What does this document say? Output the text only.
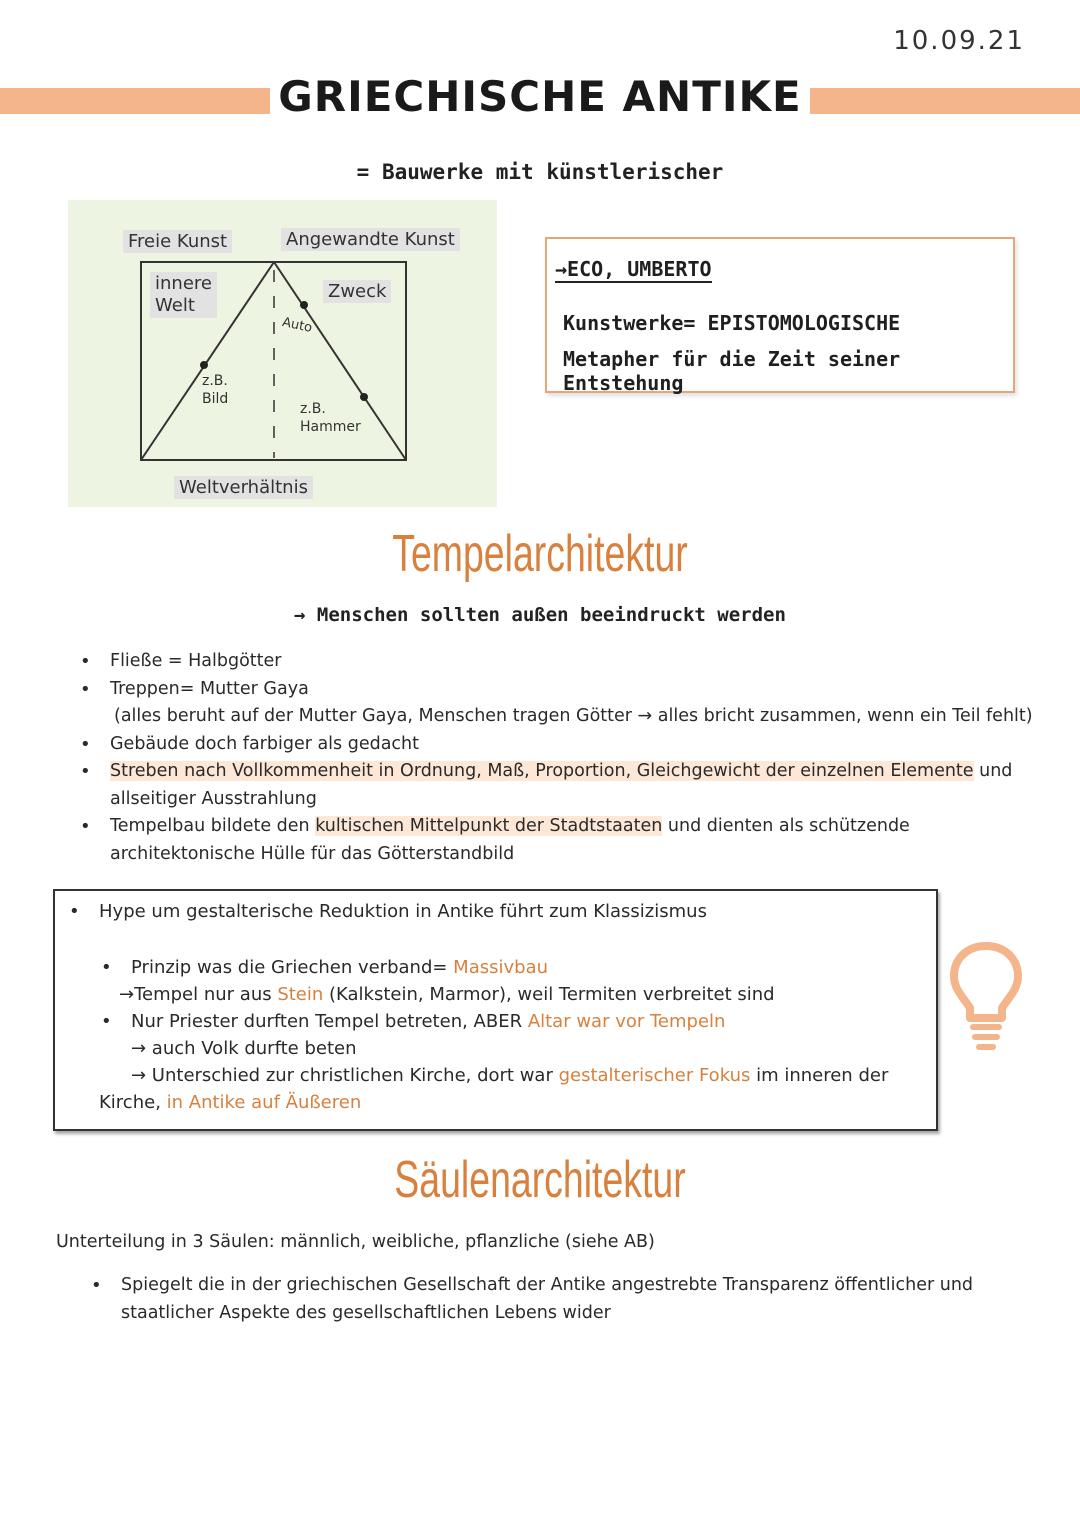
10.09.21
GRIECHISCHE ANTIKE
= Bauwerke mit künstlerischer
Freie Kunst	Angewandte Kunst
innere
Welt
Zweck
Auto
z.B.
Bild
z.B.
Hammer
Weltverhältnis
→ECO, UMBERTO
Kunstwerke= EPISTOMOLOGISCHE
Metapher für die Zeit seiner Entstehung
Tempelarchitektur
→ Menschen sollten außen beeindruckt werden
• Fließe = Halbgötter
• Treppen= Mutter Gaya
(alles beruht auf der Mutter Gaya, Menschen tragen Götter → alles bricht zusammen, wenn ein Teil fehlt)
• Gebäude doch farbiger als gedacht
• Streben nach Vollkommenheit in Ordnung, Maß, Proportion, Gleichgewicht der einzelnen Elemente und
allseitiger Ausstrahlung
• Tempelbau bildete den kultischen Mittelpunkt der Stadtstaaten und dienten als schützende
architektonische Hülle für das Götterstandbild

• Hype um gestalterische Reduktion in Antike führt zum Klassizismus

• Prinzip was die Griechen verband= Massivbau

→Tempel nur aus Stein (Kalkstein, Marmor), weil Termiten verbreitet sind

• Nur Priester durften Tempel betreten, ABER Altar war vor Tempeln

→ auch Volk durfte beten

→ Unterschied zur christlichen Kirche, dort war gestalterischer Fokus im inneren der

Kirche, in Antike auf Äußeren

Säulenarchitektur
Unterteilung in 3 Säulen: männlich, weibliche, pflanzliche (siehe AB)
• Spiegelt die in der griechischen Gesellschaft der Antike angestrebte Transparenz öffentlicher und
staatlicher Aspekte des gesellschaftlichen Lebens wider
